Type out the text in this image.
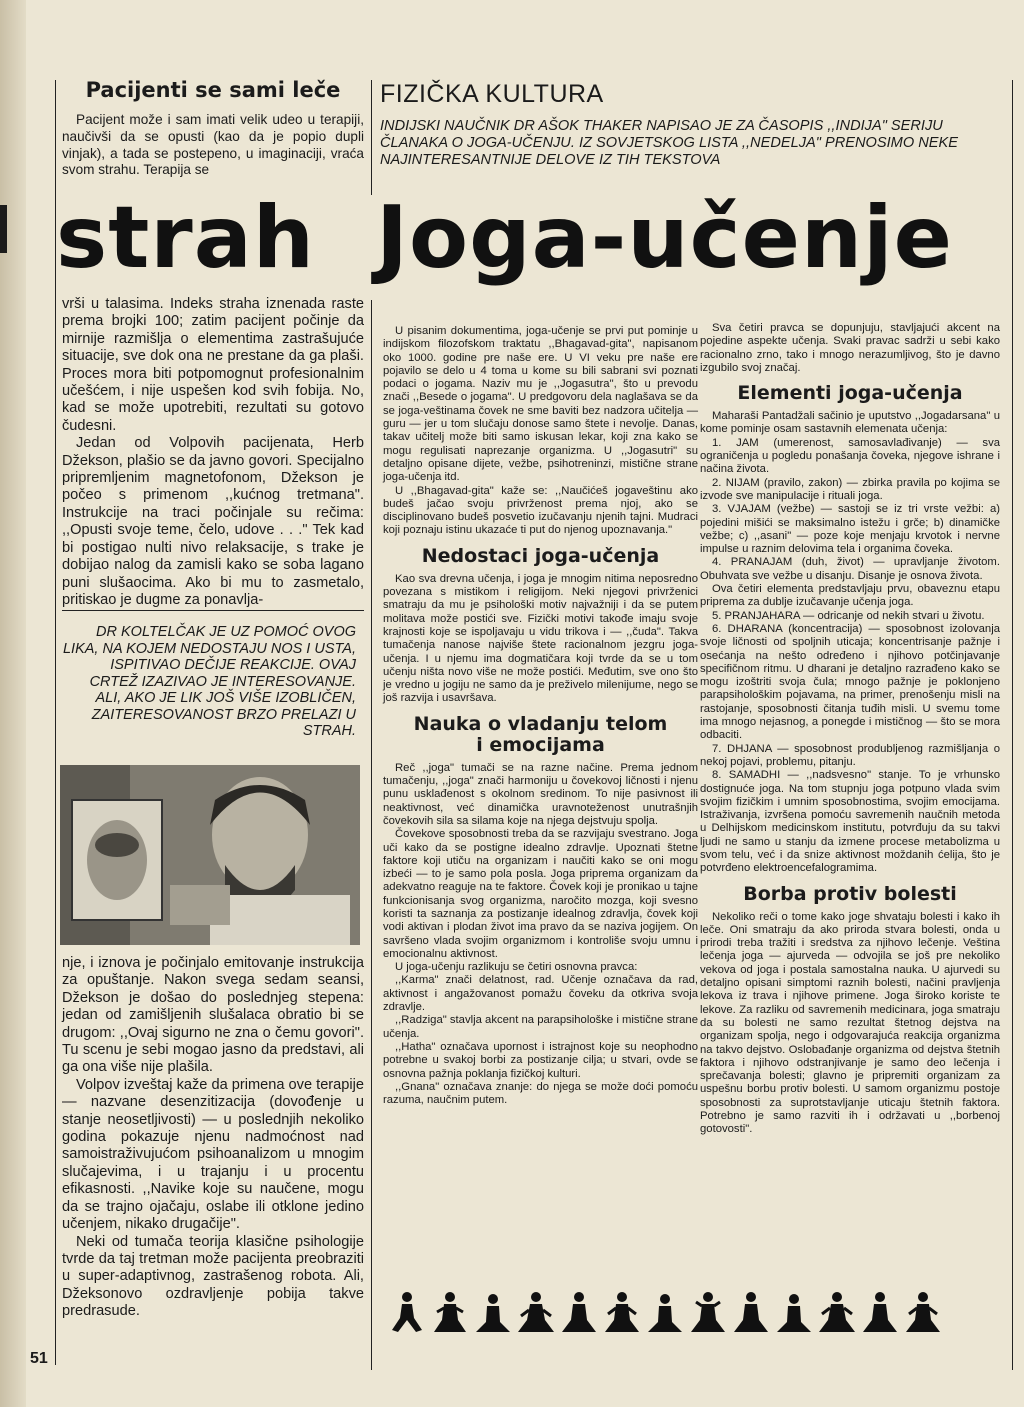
Pacijenti se sami leče

Pacijent može i sam imati velik udeo u terapiji, naučivši da se opusti (kao da je popio dupli vinjak), a tada se postepeno, u imaginaciji, vraća svom strahu. Terapija se

FIZIČKA KULTURA
INDIJSKI NAUČNIK DR AŠOK THAKER NAPISAO JE ZA ČASOPIS ,,INDIJA" SERIJU ČLANAKA O JOGA-UČENJU. IZ SOVJETSKOG LISTA ,,NEDELJA" PRENOSIMO NEKE NAJINTERESANTNIJE DELOVE IZ TIH TEKSTOVA
strah Joga-učenje

vrši u talasima. Indeks straha iznenada raste prema brojki 100; zatim pacijent počinje da mirnije razmišlja o elementima zastrašujuće situacije, sve dok ona ne prestane da ga plaši. Proces mora biti potpomognut profesionalnim učešćem, i nije uspešen kod svih fobija. No, kad se može upotrebiti, rezultati su gotovo čudesni.

Jedan od Volpovih pacijenata, Herb Džekson, plašio se da javno govori. Specijalno pripremljenim magnetofonom, Džekson je počeo s primenom ,,kućnog tretmana". Instrukcije na traci počinjale su rečima: ,,Opusti svoje teme, čelo, udove . . ." Tek kad bi postigao nulti nivo relaksacije, s trake je dobijao nalog da zamisli kako se soba lagano puni slušaocima. Ako bi mu to zasmetalo, pritiskao je dugme za ponavlja-

DR KOLTELČAK JE UZ POMOĆ OVOG LIKA, NA KOJEM NEDOSTAJU NOS I USTA, ISPITIVAO DEČIJE REAKCIJE. OVAJ CRTEŽ IZAZIVAO JE INTERESOVANJE. ALI, AKO JE LIK JOŠ VIŠE IZOBLIČEN, ZAITERESOVANOST BRZO PRELAZI U STRAH.

nje, i iznova je počinjalo emitovanje instrukcija za opuštanje. Nakon svega sedam seansi, Džekson je došao do poslednjeg stepena: jedan od zamišljenih slušalaca obratio bi se drugom: ,,Ovaj sigurno ne zna o čemu govori". Tu scenu je sebi mogao jasno da predstavi, ali ga ona više nije plašila.

Volpov izveštaj kaže da primena ove terapije — nazvane desenzitizacija (dovođenje u stanje neosetljivosti) — u poslednjih nekoliko godina pokazuje njenu nadmoćnost nad samoistraživujućom psihoanalizom u mnogim slučajevima, i u trajanju i u procentu efikasnosti. ,,Navike koje su naučene, mogu da se trajno ojačaju, oslabe ili otklone jedino učenjem, nikako drugačije".

Neki od tumača teorija klasične psihologije tvrde da taj tretman može pacijenta preobraziti u super-adaptivnog, zastrašenog robota. Ali, Džeksonovo ozdravljenje pobija takve predrasude.

51

U pisanim dokumentima, joga-učenje se prvi put pominje u indijskom filozofskom traktatu ,,Bhagavad-gita", napisanom oko 1000. godine pre naše ere. U VI veku pre naše ere pojavilo se delo u 4 toma u kome su bili sabrani svi poznati podaci o jogama. Naziv mu je ,,Jogasutra", što u prevodu znači ,,Besede o jogama". U predgovoru dela naglašava se da se joga-veštinama čovek ne sme baviti bez nadzora učitelja — guru — jer u tom slučaju donose samo štete i nevolje. Danas, takav učitelj može biti samo iskusan lekar, koji zna kako se mogu regulisati naprezanje organizma. U ,,Jogasutri" su detaljno opisane dijete, vežbe, psihotreninzi, mistične strane joga-učenja itd.

U ,,Bhagavad-gita" kaže se: ,,Naučićeš jogaveštinu ako budeš jačao svoju privrženost prema njoj, ako se disciplinovano budeš posvetio izučavanju njenih tajni. Mudraci koji poznaju istinu ukazaće ti put do njenog upoznavanja."

Nedostaci joga-učenja

Kao sva drevna učenja, i joga je mnogim nitima neposredno povezana s mistikom i religijom. Neki njegovi privrženici smatraju da mu je psihološki motiv najvažniji i da se putem molitava može postići sve. Fizički motivi takođe imaju svoje krajnosti koje se ispoljavaju u vidu trikova i — ,,čuda". Takva tumačenja nanose najviše štete racionalnom jezgru joga-učenja. I u njemu ima dogmatičara koji tvrde da se u tom učenju ništa novo više ne može postići. Međutim, sve ono što je vredno u jogiju ne samo da je preživelo milenijume, nego se još razvija i usavršava.

Nauka o vladanju telom i emocijama

Reč ,,joga" tumači se na razne načine. Prema jednom tumačenju, ,,joga" znači harmoniju u čovekovoj ličnosti i njenu punu usklađenost s okolnom sredinom. To nije pasivnost ili neaktivnost, već dinamička uravnoteženost unutrašnjih čovekovih sila sa silama koje na njega dejstvuju spolja.

Čovekove sposobnosti treba da se razvijaju svestrano. Joga uči kako da se postigne idealno zdravlje. Upoznati štetne faktore koji utiču na organizam i naučiti kako se oni mogu izbeći — to je samo pola posla. Joga priprema organizam da adekvatno reaguje na te faktore. Čovek koji je pronikao u tajne funkcionisanja svog organizma, naročito mozga, koji svesno koristi ta saznanja za postizanje idealnog zdravlja, čovek koji vodi aktivan i plodan život ima pravo da se naziva jogijem. On savršeno vlada svojim organizmom i kontroliše svoju umnu i emocionalnu aktivnost.

U joga-učenju razlikuju se četiri osnovna pravca:

,,Karma" znači delatnost, rad. Učenje označava da rad, aktivnost i angažovanost pomažu čoveku da otkriva svoja zdravlje.

,,Radziga" stavlja akcent na parapsihološke i mistične strane učenja.

,,Hatha" označava upornost i istrajnost koje su neophodno potrebne u svakoj borbi za postizanje cilja; u stvari, ovde se osnovna pažnja poklanja fizičkoj kulturi.

,,Gnana" označava znanje: do njega se može doći pomoću razuma, naučnim putem.

Sva četiri pravca se dopunjuju, stavljajući akcent na pojedine aspekte učenja. Svaki pravac sadrži u sebi kako racionalno zrno, tako i mnogo nerazumljivog, što je davno izgubilo svoj značaj.

Elementi joga-učenja

Maharaši Pantadžali sačinio je uputstvo ,,Jogadarsana" u kome pominje osam sastavnih elemenata učenja:

1. JAM (umerenost, samosavlađivanje) — sva ograničenja u pogledu ponašanja čoveka, njegove ishrane i načina života.

2. NIJAM (pravilo, zakon) — zbirka pravila po kojima se izvode sve manipulacije i rituali joga.

3. VJAJAM (vežbe) — sastoji se iz tri vrste vežbi: a) pojedini mišići se maksimalno istežu i grče; b) dinamičke vežbe; c) ,,asani" — poze koje menjaju krvotok i nervne impulse u raznim delovima tela i organima čoveka.

4. PRANAJAM (duh, život) — upravljanje životom. Obuhvata sve vežbe u disanju. Disanje je osnova života.

Ova četiri elementa predstavljaju prvu, obaveznu etapu priprema za dublje izučavanje učenja joga.

5. PRANJAHARA — odricanje od nekih stvari u životu.

6. DHARANA (koncentracija) — sposobnost izolovanja svoje ličnosti od spoljnih uticaja; koncentrisanje pažnje i osećanja na nešto određeno i njihovo potčinjavanje specifičnom ritmu. U dharani je detaljno razrađeno kako se mogu izoštriti svoja čula; mnogo pažnje je poklonjeno parapsihološkim pojavama, na primer, prenošenju misli na rastojanje, sposobnosti čitanja tuđih misli. U svemu tome ima mnogo nejasnog, a ponegde i mističnog — što se mora odbaciti.

7. DHJANA — sposobnost produbljenog razmišljanja o nekoj pojavi, problemu, pitanju.

8. SAMADHI — ,,nadsvesno" stanje. To je vrhunsko dostignuće joga. Na tom stupnju joga potpuno vlada svim svojim fizičkim i umnim sposobnostima, svojim emocijama. Istraživanja, izvršena pomoću savremenih naučnih metoda u Delhijskom medicinskom institutu, potvrđuju da su takvi ljudi ne samo u stanju da izmene procese metabolizma u svom telu, već i da snize aktivnost moždanih ćelija, što je potvrđeno elektroencefalogramima.

Borba protiv bolesti

Nekoliko reči o tome kako joge shvataju bolesti i kako ih leče. Oni smatraju da ako priroda stvara bolesti, onda u prirodi treba tražiti i sredstva za njihovo lečenje. Veština lečenja joga — ajurveda — odvojila se još pre nekoliko vekova od joga i postala samostalna nauka. U ajurvedi su detaljno opisani simptomi raznih bolesti, načini pravljenja lekova iz trava i njihove primene. Joga široko koriste te lekove. Za razliku od savremenih medicinara, joga smatraju da su bolesti ne samo rezultat štetnog dejstva na organizam spolja, nego i odgovarajuća reakcija organizma na takvo dejstvo. Oslobađanje organizma od dejstva štetnih faktora i njihovo odstranjivanje je samo deo lečenja i sprečavanja bolesti; glavno je pripremiti organizam za uspešnu borbu protiv bolesti. U samom organizmu postoje sposobnosti za suprotstavljanje uticaju štetnih faktora. Potrebno je samo razviti ih i održavati u ,,borbenoj gotovosti".
